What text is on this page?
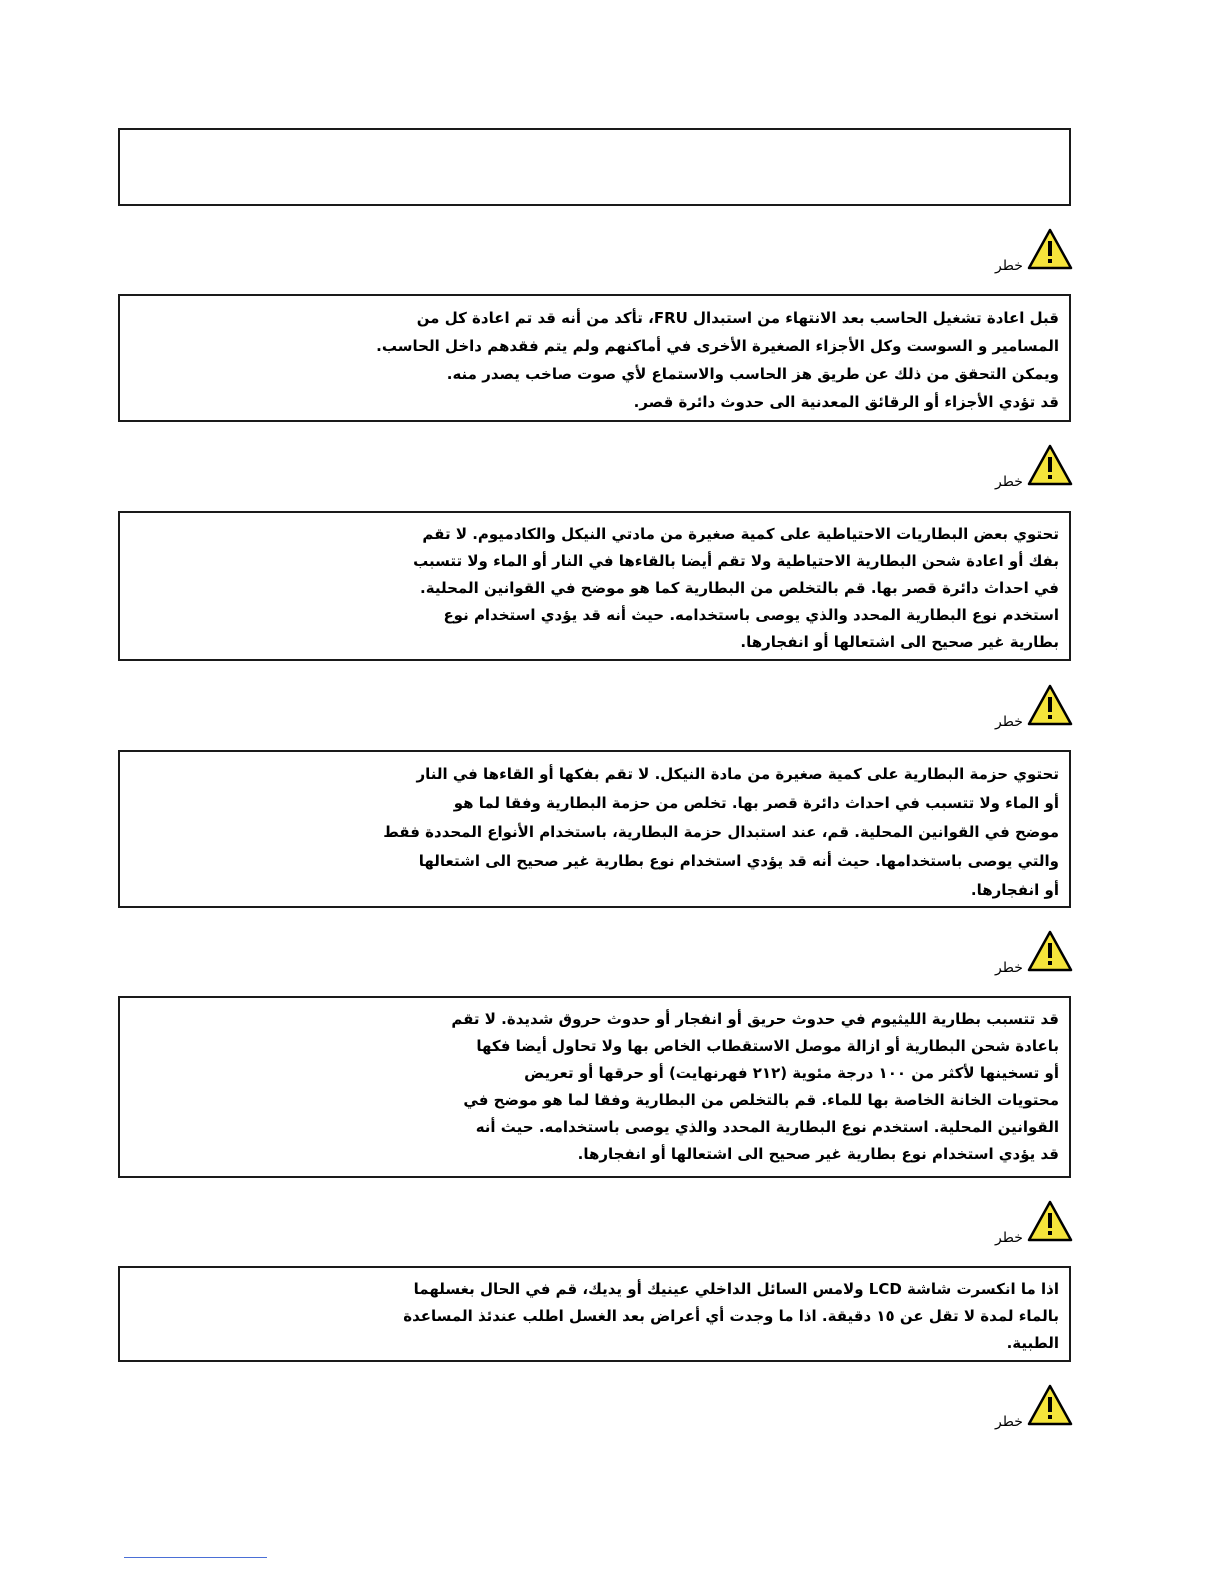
خطر
قبل اعادة تشغيل الحاسب بعد الانتهاء من استبدال FRU، تأكد من أنه قد تم اعادة كل من
المسامير و السوست وكل الأجزاء الصغيرة الأخرى في أماكنهم ولم يتم فقدهم داخل الحاسب.
ويمكن التحقق من ذلك عن طريق هز الحاسب والاستماع لأي صوت صاخب يصدر منه.
قد تؤدي الأجزاء أو الرقائق المعدنية الى حدوث دائرة قصر.
خطر
تحتوي بعض البطاريات الاحتياطية على كمية صغيرة من مادتي النيكل والكادميوم. لا تقم
بفك أو اعادة شحن البطارية الاحتياطية ولا تقم أيضا بالقاءها في النار أو الماء ولا تتسبب
في احداث دائرة قصر بها. قم بالتخلص من البطارية كما هو موضح في القوانين المحلية.
استخدم نوع البطارية المحدد والذي يوصى باستخدامه. حيث أنه قد يؤدي استخدام نوع
بطارية غير صحيح الى اشتعالها أو انفجارها.
خطر
تحتوي حزمة البطارية على كمية صغيرة من مادة النيكل. لا تقم بفكها أو القاءها في النار
أو الماء ولا تتسبب في احداث دائرة قصر بها. تخلص من حزمة البطارية وفقا لما هو
موضح في القوانين المحلية. قم، عند استبدال حزمة البطارية، باستخدام الأنواع المحددة فقط
والتي يوصى باستخدامها. حيث أنه قد يؤدي استخدام نوع بطارية غير صحيح الى اشتعالها
أو انفجارها.
خطر
قد تتسبب بطارية الليثيوم في حدوث حريق أو انفجار أو حدوث حروق شديدة. لا تقم
باعادة شحن البطارية أو ازالة موصل الاستقطاب الخاص بها ولا تحاول أيضا فكها
أو تسخينها لأكثر من ١٠٠ درجة مئوية (٢١٢ فهرنهايت) أو حرقها أو تعريض
محتويات الخانة الخاصة بها للماء. قم بالتخلص من البطارية وفقا لما هو موضح في
القوانين المحلية. استخدم نوع البطارية المحدد والذي يوصى باستخدامه. حيث أنه
قد يؤدي استخدام نوع بطارية غير صحيح الى اشتعالها أو انفجارها.
خطر
اذا ما انكسرت شاشة LCD ولامس السائل الداخلي عينيك أو يديك، قم في الحال بغسلهما
بالماء لمدة لا تقل عن ١٥ دقيقة. اذا ما وجدت أي أعراض بعد الغسل اطلب عندئذ المساعدة
الطبية.
خطر
